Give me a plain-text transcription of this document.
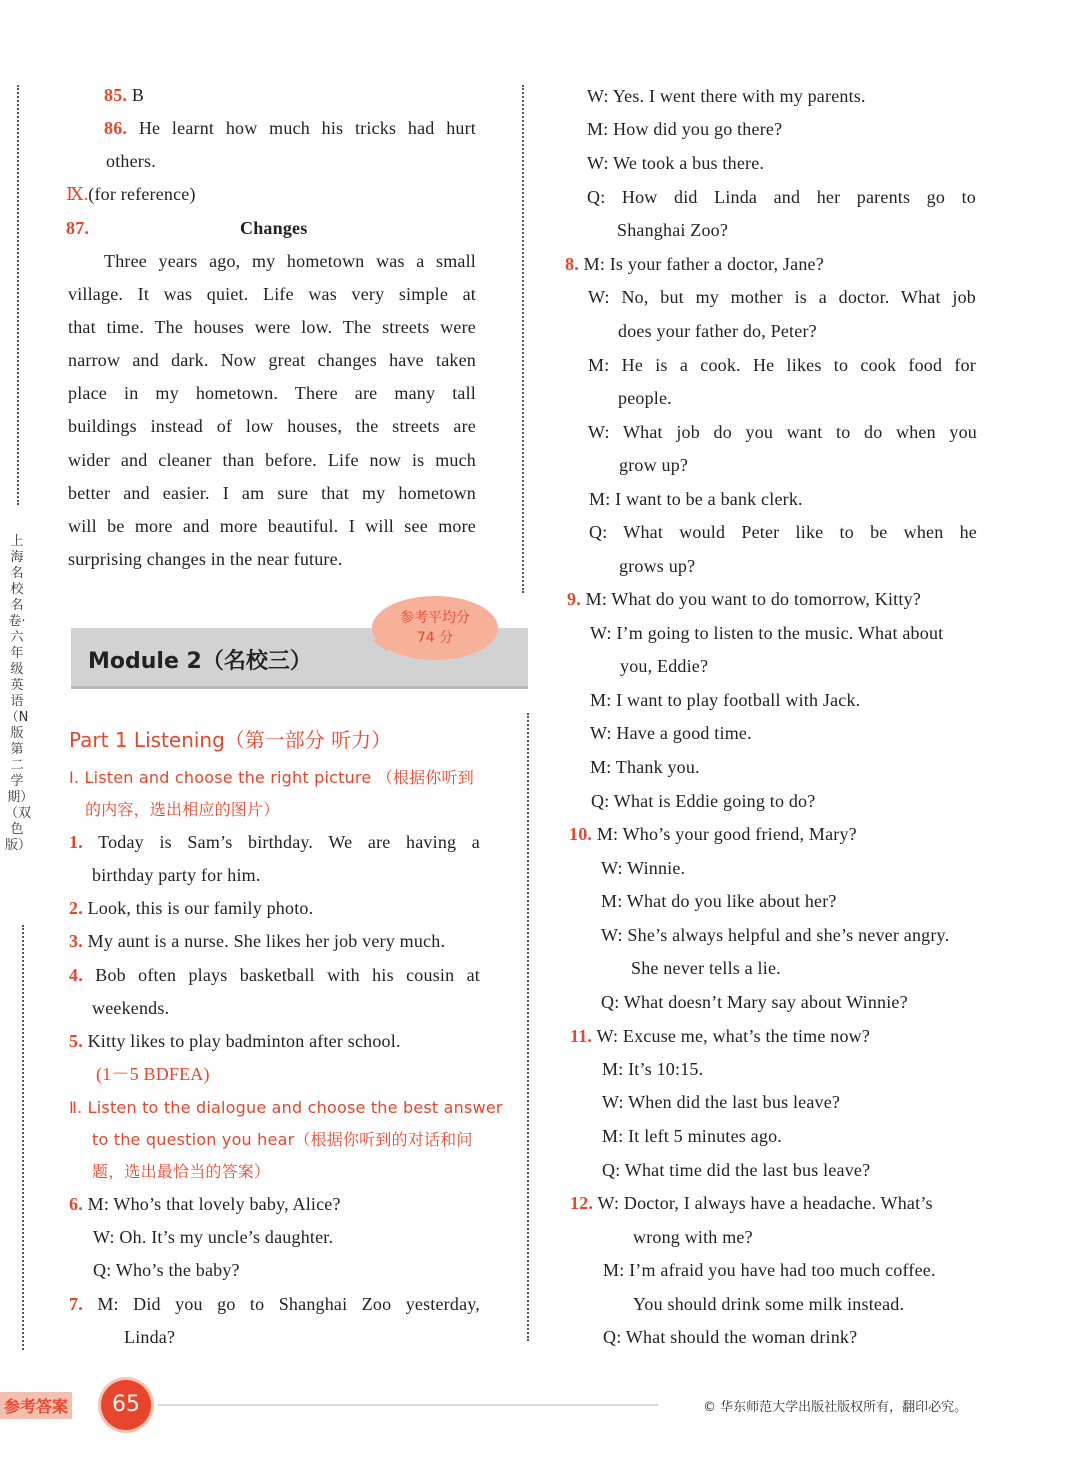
上海名校名卷·六年级英语（N版 第二学期）（双色版）
85. B
86. He learnt how much his tricks had hurt
others.
Ⅸ.(for reference)
87.	Changes
Three years ago, my hometown was a small
village. It was quiet. Life was very simple at
that time. The houses were low. The streets were
narrow and dark. Now great changes have taken
place in my hometown. There are many tall
buildings instead of low houses, the streets are
wider and cleaner than before. Life now is much
better and easier. I am sure that my hometown
will be more and more beautiful. I will see more
surprising changes in the near future.
Module 2（名校三）
参考平均分
74 分
Part 1 Listening（第一部分 听力）
Ⅰ. Listen and choose the right picture （根据你听到
的内容，选出相应的图片）
1. Today is Sam’s birthday. We are having a
birthday party for him.
2. Look, this is our family photo.
3. My aunt is a nurse. She likes her job very much.
4. Bob often plays basketball with his cousin at
weekends.
5. Kitty likes to play badminton after school.
(1－5 BDFEA)
Ⅱ. Listen to the dialogue and choose the best answer
to the question you hear（根据你听到的对话和问
题，选出最恰当的答案）
6. M: Who’s that lovely baby, Alice?
W: Oh. It’s my uncle’s daughter.
Q: Who’s the baby?
7. M: Did you go to Shanghai Zoo yesterday,
Linda?
W: Yes. I went there with my parents.
M: How did you go there?
W: We took a bus there.
Q: How did Linda and her parents go to
Shanghai Zoo?
8. M: Is your father a doctor, Jane?
W: No, but my mother is a doctor. What job
does your father do, Peter?
M: He is a cook. He likes to cook food for
people.
W: What job do you want to do when you
grow up?
M: I want to be a bank clerk.
Q: What would Peter like to be when he
grows up?
9. M: What do you want to do tomorrow, Kitty?
W: I’m going to listen to the music. What about
you, Eddie?
M: I want to play football with Jack.
W: Have a good time.
M: Thank you.
Q: What is Eddie going to do?
10. M: Who’s your good friend, Mary?
W: Winnie.
M: What do you like about her?
W: She’s always helpful and she’s never angry.
She never tells a lie.
Q: What doesn’t Mary say about Winnie?
11. W: Excuse me, what’s the time now?
M: It’s 10:15.
W: When did the last bus leave?
M: It left 5 minutes ago.
Q: What time did the last bus leave?
12. W: Doctor, I always have a headache. What’s
wrong with me?
M: I’m afraid you have had too much coffee.
You should drink some milk instead.
Q: What should the woman drink?
参考答案	65	© 华东师范大学出版社版权所有，翻印必究。
